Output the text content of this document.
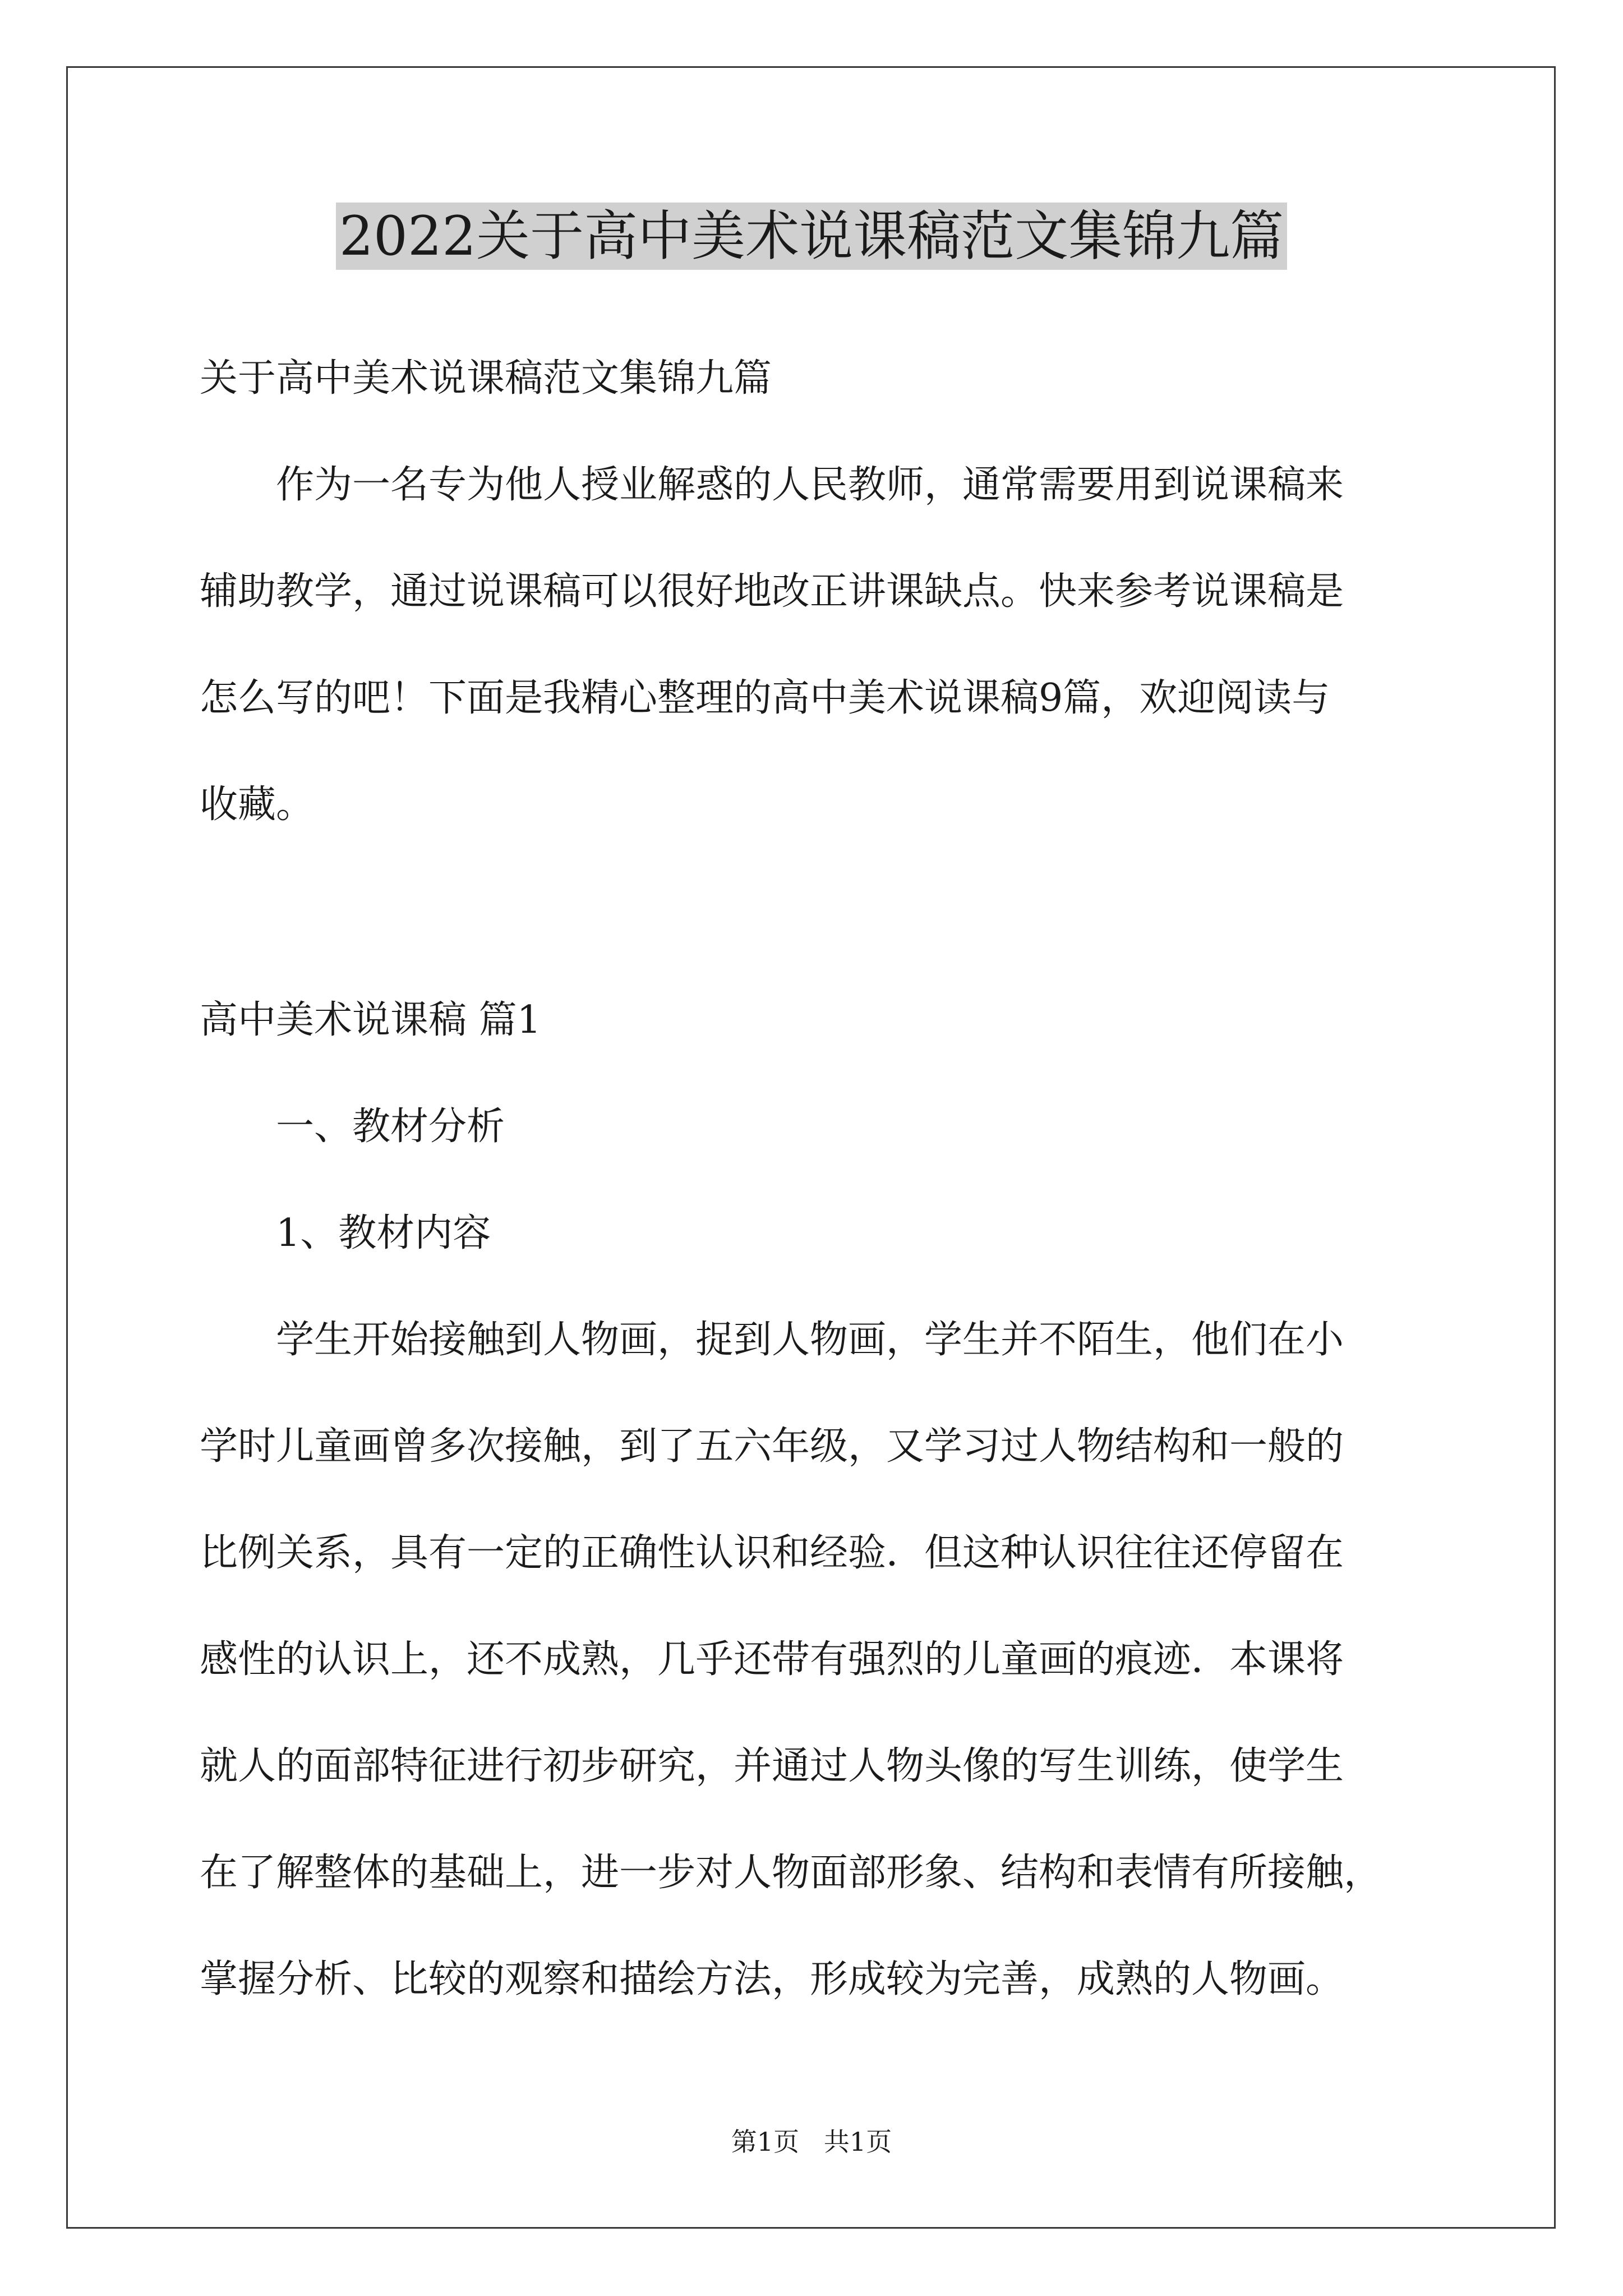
2022关于高中美术说课稿范文集锦九篇

关于高中美术说课稿范文集锦九篇

　　作为一名专为他人授业解惑的人民教师，通常需要用到说课稿来

辅助教学，通过说课稿可以很好地改正讲课缺点。快来参考说课稿是

怎么写的吧！下面是我精心整理的高中美术说课稿9篇，欢迎阅读与

收藏。

高中美术说课稿 篇1

　　一、教材分析

　　1、教材内容

　　学生开始接触到人物画，捉到人物画，学生并不陌生，他们在小

学时儿童画曾多次接触，到了五六年级，又学习过人物结构和一般的

比例关系，具有一定的正确性认识和经验．但这种认识往往还停留在

感性的认识上，还不成熟，几乎还带有强烈的儿童画的痕迹．本课将

就人的面部特征进行初步研究，并通过人物头像的写生训练，使学生

在了解整体的基础上，进一步对人物面部形象、结构和表情有所接触，

掌握分析、比较的观察和描绘方法，形成较为完善，成熟的人物画。

第1页   共1页
